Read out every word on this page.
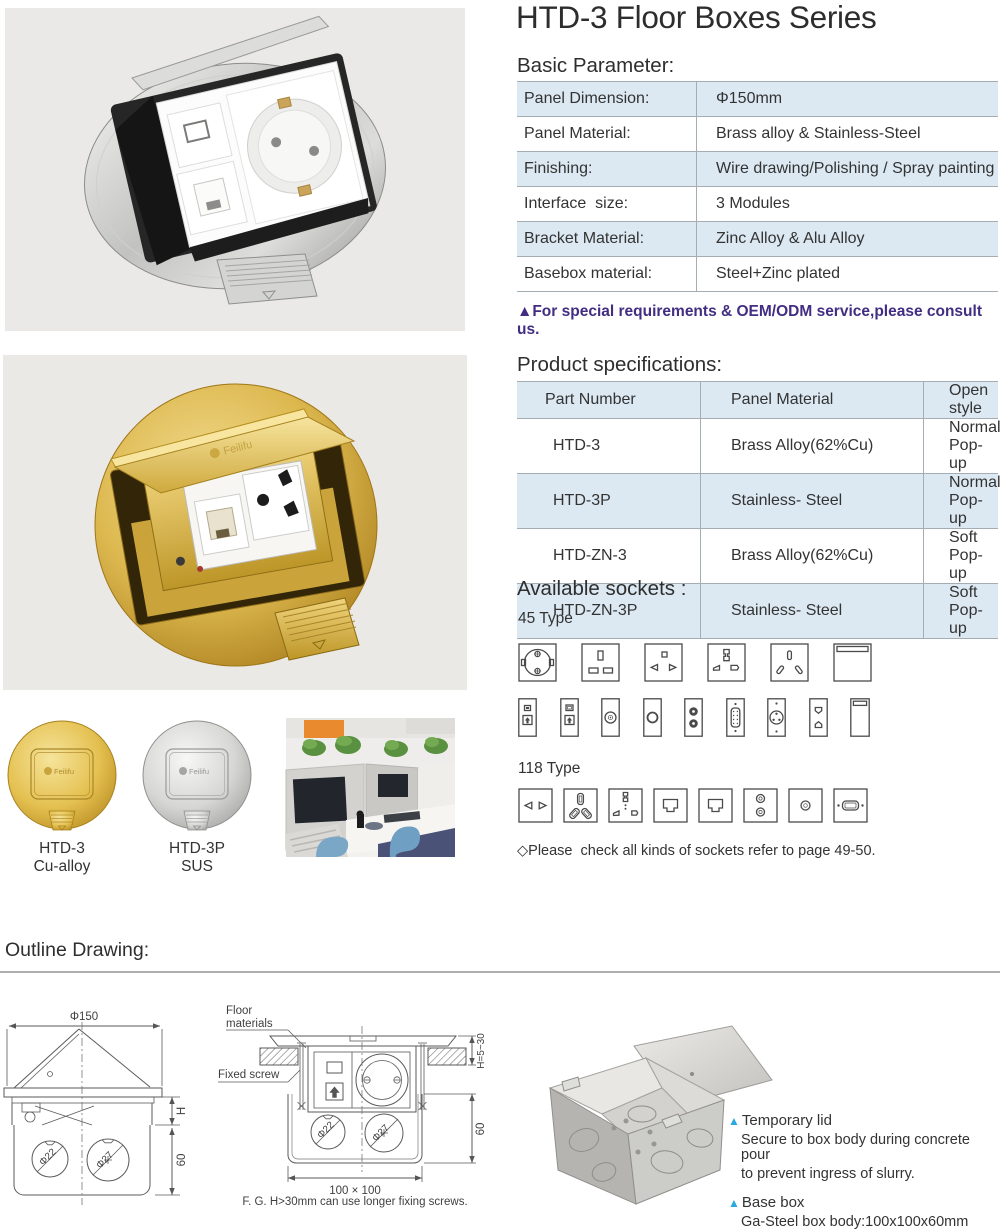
Feilifu
Feilifu	Feilifu
HTD-3
Cu-alloy
HTD-3P
SUS
HTD-3 Floor Boxes Series
Basic Parameter:
Panel Dimension:	Φ150mm
Panel Material:	Brass alloy & Stainless-Steel
Finishing:	Wire drawing/Polishing / Spray painting
Interface  size:	3 Modules
Bracket Material:	Zinc Alloy & Alu Alloy
Basebox material:	Steel+Zinc plated
▲For special requirements & OEM/ODM service,please consult us.
Product specifications:
Part Number	Panel Material	Open style
HTD-3	Brass Alloy(62%Cu)	Normal Pop-up
HTD-3P	Stainless- Steel	Normal Pop-up
HTD-ZN-3	Brass Alloy(62%Cu)	Soft Pop-up
HTD-ZN-3P	Stainless- Steel	Soft Pop-up
Available sockets :
45 Type
118 Type
◇Please  check all kinds of sockets refer to page 49-50.
Outline Drawing:
Φ150
H
Φ22	Φ27	60
Floor
materials
Fixed screw
Φ22	Φ27
100 × 100
H=5~30
60
F. G. H>30mm can use longer fixing screws.
▲ Temporary lid
Secure to box body during concrete pour
to prevent ingress of slurry.
▲ Base box
Ga-Steel box body:100x100x60mm
